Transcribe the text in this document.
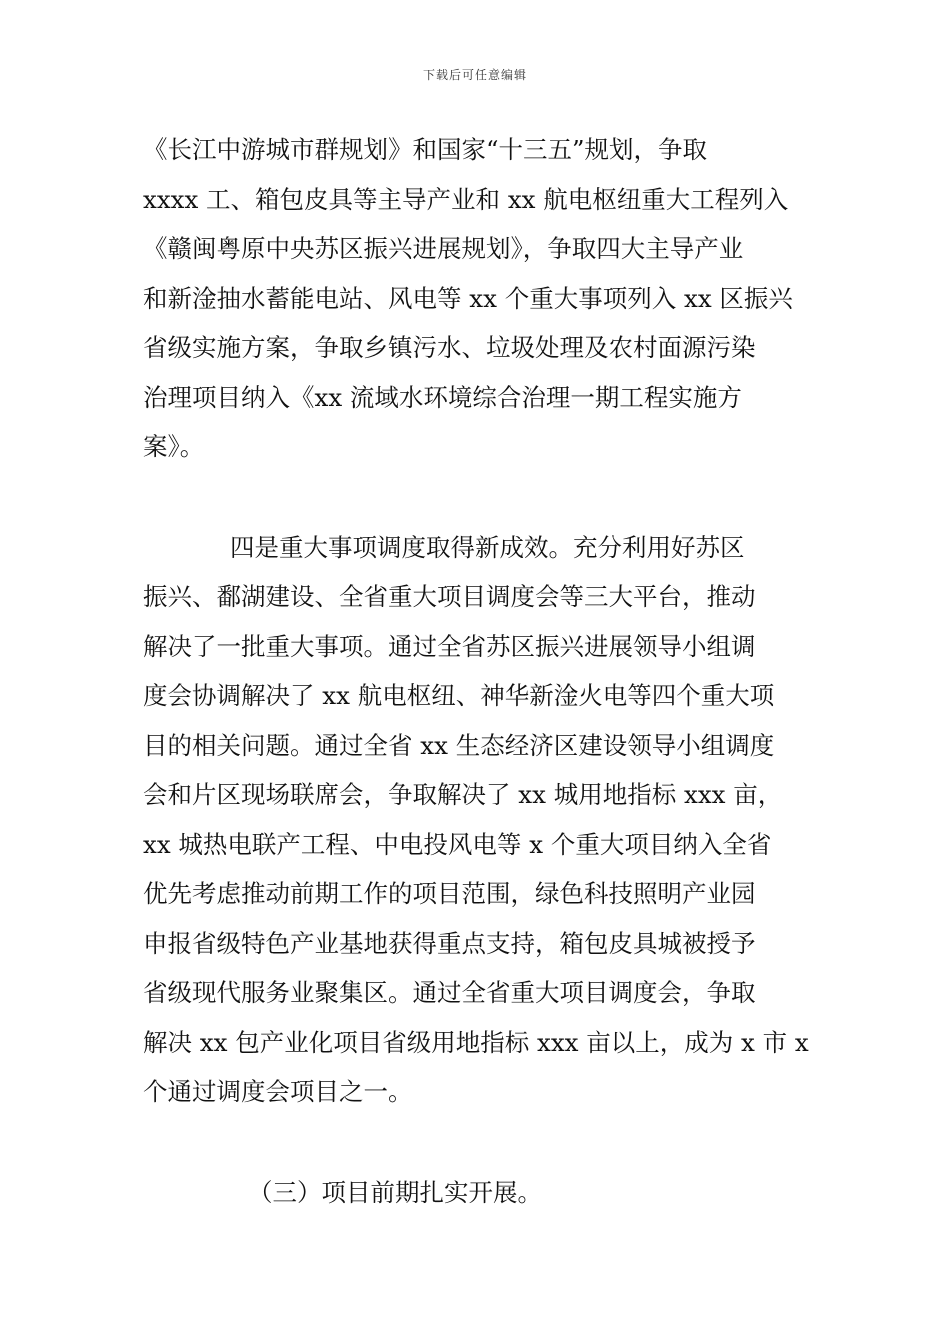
下载后可任意编辑
《长江中游城市群规划》和国家“十三五”规划，争取
xxxx 工、箱包皮具等主导产业和 xx 航电枢纽重大工程列入
《赣闽粤原中央苏区振兴进展规划》，争取四大主导产业
和新淦抽水蓄能电站、风电等 xx 个重大事项列入 xx 区振兴
省级实施方案，争取乡镇污水、垃圾处理及农村面源污染
治理项目纳入《xx 流域水环境综合治理一期工程实施方
案》。
四是重大事项调度取得新成效。充分利用好苏区
振兴、鄱湖建设、全省重大项目调度会等三大平台，推动
解决了一批重大事项。通过全省苏区振兴进展领导小组调
度会协调解决了 xx 航电枢纽、神华新淦火电等四个重大项
目的相关问题。通过全省 xx 生态经济区建设领导小组调度
会和片区现场联席会，争取解决了 xx 城用地指标 xxx 亩，
xx 城热电联产工程、中电投风电等 x 个重大项目纳入全省
优先考虑推动前期工作的项目范围，绿色科技照明产业园
申报省级特色产业基地获得重点支持，箱包皮具城被授予
省级现代服务业聚集区。通过全省重大项目调度会，争取
解决 xx 包产业化项目省级用地指标 xxx 亩以上，成为 x 市 x
个通过调度会项目之一。
（三）项目前期扎实开展。
